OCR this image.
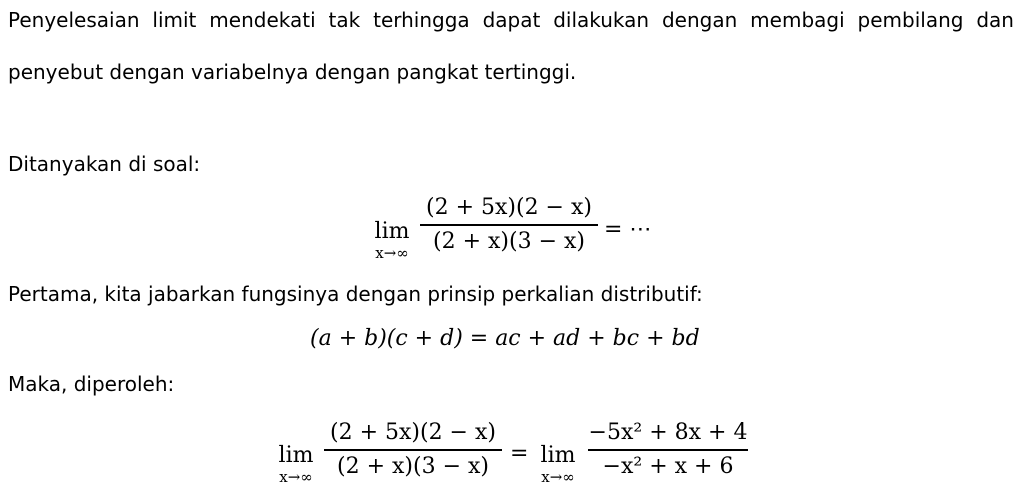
Penyelesaian limit mendekati tak terhingga dapat dilakukan dengan membagi pembilang dan
penyebut dengan variabelnya dengan pangkat tertinggi.
Ditanyakan di soal:
lim
x→∞
(2 + 5x)(2 − x)
(2 + x)(3 − x) = ⋯
Pertama, kita jabarkan fungsinya dengan prinsip perkalian distributif:
(a + b)(c + d) = ac + ad + bc + bd
Maka, diperoleh:
lim
x→∞
(2 + 5x)(2 − x)
(2 + x)(3 − x)
= lim
x→∞
−5x² + 8x + 4
−x² + x + 6
